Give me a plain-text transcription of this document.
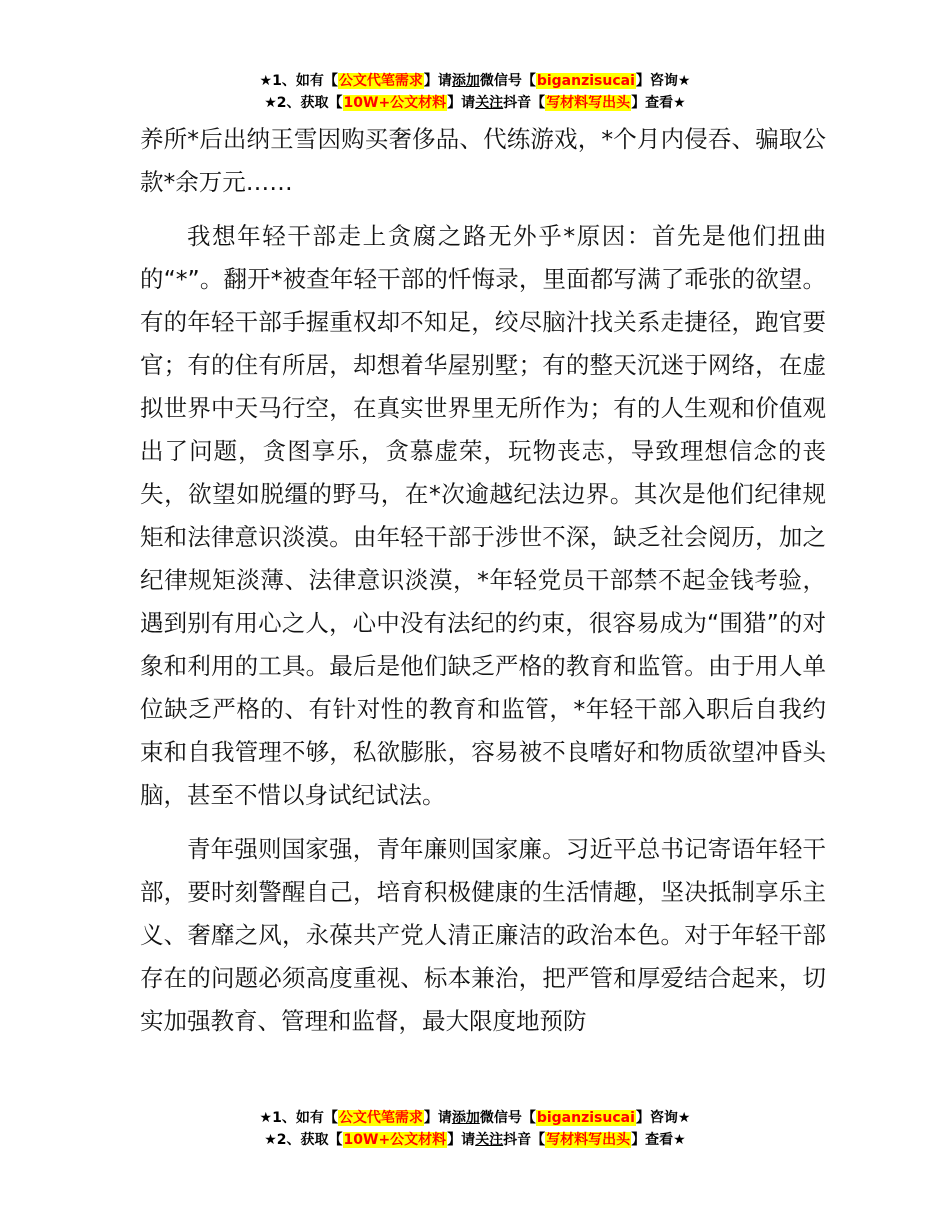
★1、如有【公文代笔需求】请添加微信号【biganzisucai】咨询★
★2、获取【10W+公文材料】请关注抖音【写材料写出头】查看★

养所*后出纳王雪因购买奢侈品、代练游戏，*个月内侵吞、骗取公款*余万元……

我想年轻干部走上贪腐之路无外乎*原因：首先是他们扭曲的“*”。翻开*被查年轻干部的忏悔录，里面都写满了乖张的欲望。有的年轻干部手握重权却不知足，绞尽脑汁找关系走捷径，跑官要官；有的住有所居，却想着华屋别墅；有的整天沉迷于网络，在虚拟世界中天马行空，在真实世界里无所作为；有的人生观和价值观出了问题，贪图享乐，贪慕虚荣，玩物丧志，导致理想信念的丧失，欲望如脱缰的野马，在*次逾越纪法边界。其次是他们纪律规矩和法律意识淡漠。由年轻干部于涉世不深，缺乏社会阅历，加之纪律规矩淡薄、法律意识淡漠，*年轻党员干部禁不起金钱考验，遇到别有用心之人，心中没有法纪的约束，很容易成为“围猎”的对象和利用的工具。最后是他们缺乏严格的教育和监管。由于用人单位缺乏严格的、有针对性的教育和监管，*年轻干部入职后自我约束和自我管理不够，私欲膨胀，容易被不良嗜好和物质欲望冲昏头脑，甚至不惜以身试纪试法。

青年强则国家强，青年廉则国家廉。习近平总书记寄语年轻干部，要时刻警醒自己，培育积极健康的生活情趣，坚决抵制享乐主义、奢靡之风，永葆共产党人清正廉洁的政治本色。对于年轻干部存在的问题必须高度重视、标本兼治，把严管和厚爱结合起来，切实加强教育、管理和监督，最大限度地预防

★1、如有【公文代笔需求】请添加微信号【biganzisucai】咨询★
★2、获取【10W+公文材料】请关注抖音【写材料写出头】查看★
